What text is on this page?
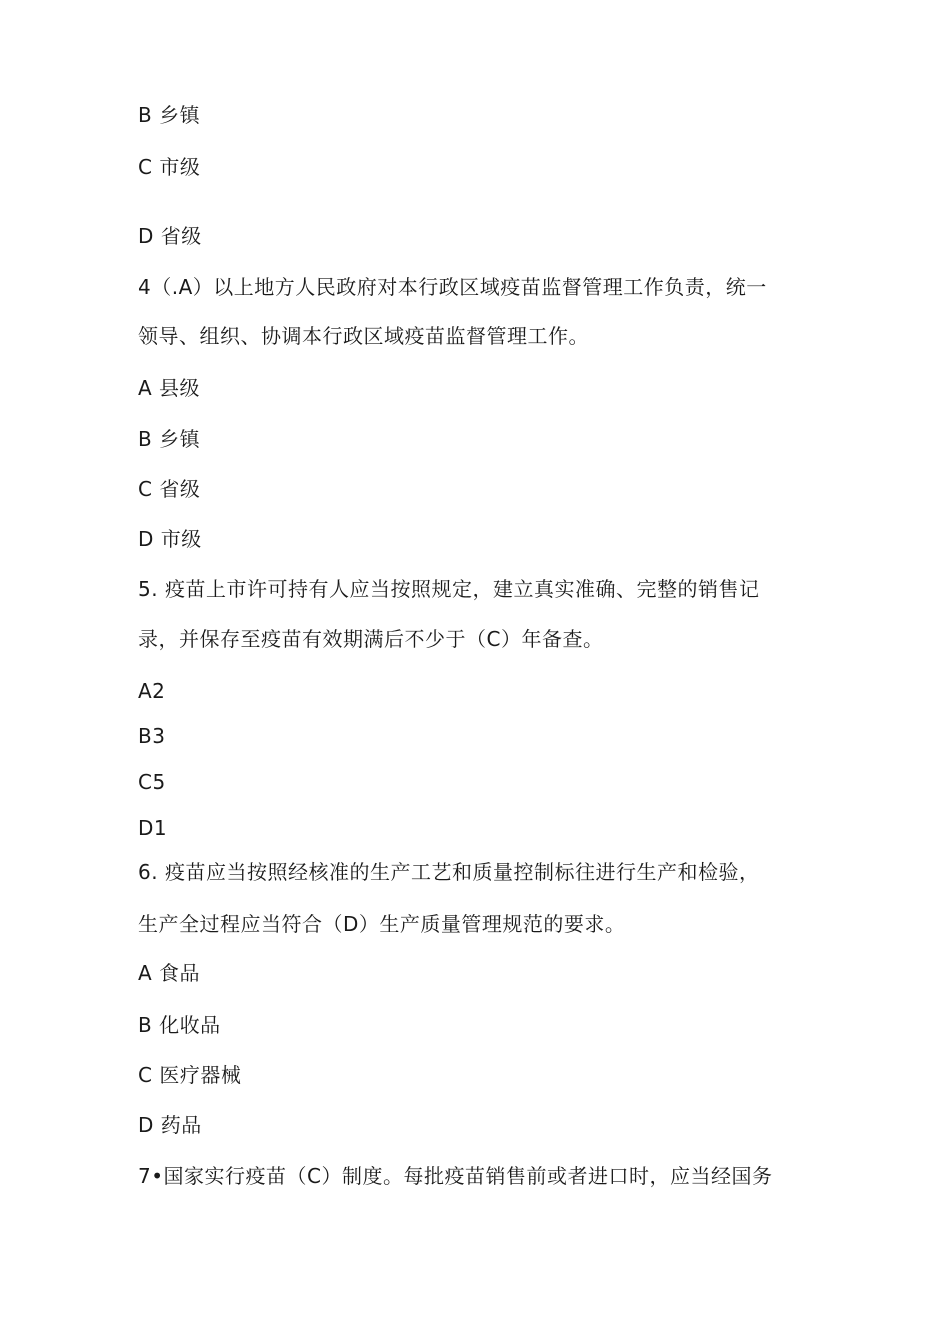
B 乡镇
C 市级
D 省级
4（.A）以上地方人民政府对本行政区域疫苗监督管理工作负责，统一
领导、组织、协调本行政区域疫苗监督管理工作。
A 县级
B 乡镇
C 省级
D 市级
5. 疫苗上市许可持有人应当按照规定，建立真实准确、完整的销售记
录，并保存至疫苗有效期满后不少于（C）年备查。
A2
B3
C5
D1
6. 疫苗应当按照经核准的生产工艺和质量控制标往进行生产和检验，
生产全过程应当符合（D）生产质量管理规范的要求。
A 食品
B 化收品
C 医疗器械
D 药品
7•国家实行疫苗（C）制度。每批疫苗销售前或者进口时，应当经国务
